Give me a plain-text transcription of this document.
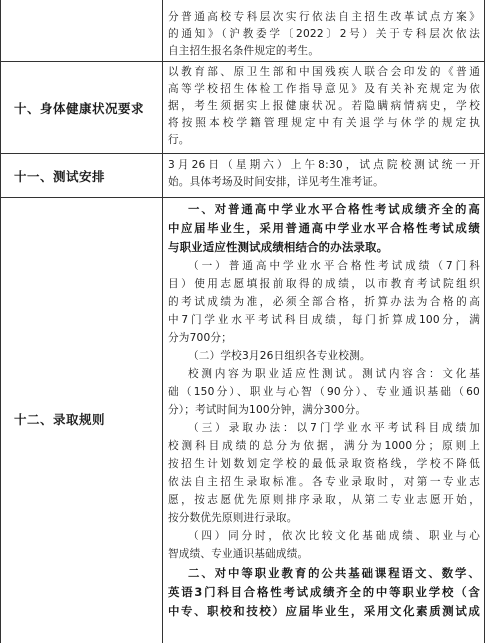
分普通高校专科层次实行依法自主招生改革试点方案》
的通知》（沪教委学〔2022〕2号）关于专科层次依法
自主招生报名条件规定的考生。
十、身体健康状况要求
以教育部、原卫生部和中国残疾人联合会印发的《普通
高等学校招生体检工作指导意见》及有关补充规定为依
据，考生须据实上报健康状况。若隐瞒病情病史，学校
将按照本校学籍管理规定中有关退学与休学的规定执
行。
十一、测试安排
3月26日（星期六）上午8:30，试点院校测试统一开
始。具体考场及时间安排，详见考生准考证。
十二、录取规则
一、对普通高中学业水平合格性考试成绩齐全的高
中应届毕业生，采用普通高中学业水平合格性考试成绩
与职业适应性测试成绩相结合的办法录取。
（一）普通高中学业水平合格性考试成绩（7门科
目）使用志愿填报前取得的成绩，以市教育考试院组织
的考试成绩为准，必须全部合格，折算办法为合格的高
中7门学业水平考试科目成绩，每门折算成100分，满
分为700分；
（二）学校3月26日组织各专业校测。
校测内容为职业适应性测试。测试内容含：文化基
础（150分）、职业与心智（90分）、专业通识基础（60
分）；考试时间为100分钟，满分300分。
（三）录取办法：以7门学业水平考试科目成绩加
校测科目成绩的总分为依据，满分为1000分；原则上
按招生计划数划定学校的最低录取资格线，学校不降低
依法自主招生录取标准。各专业录取时，对第一专业志
愿，按志愿优先原则排序录取，从第二专业志愿开始，
按分数优先原则进行录取。
（四）同分时，依次比较文化基础成绩、职业与心
智成绩、专业通识基础成绩。
二、对中等职业教育的公共基础课程语文、数学、
英语3门科目合格性考试成绩齐全的中等职业学校（含
中专、职校和技校）应届毕业生，采用文化素质测试成
